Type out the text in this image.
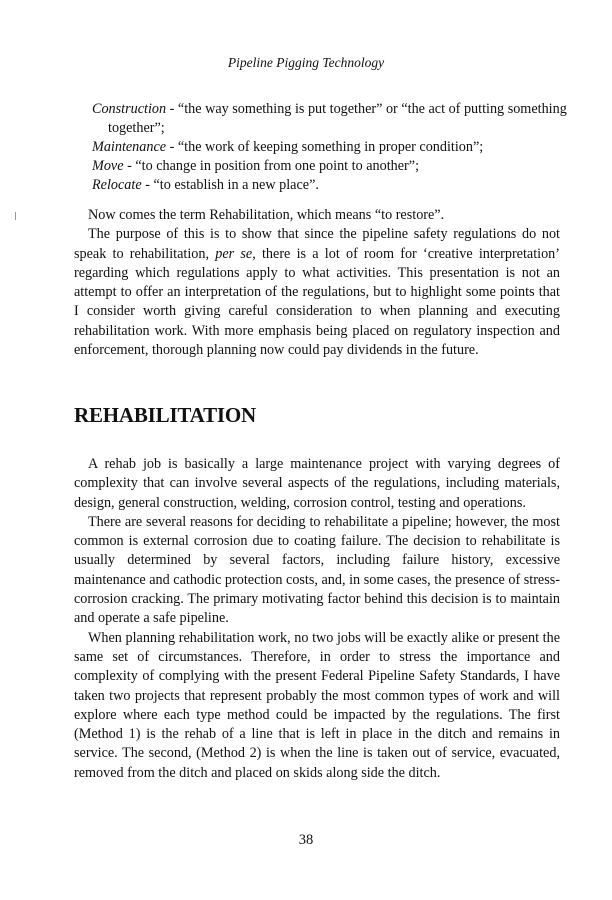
Pipeline Pigging Technology

Construction - “the way something is put together” or “the act of putting something together”;

Maintenance - “the work of keeping something in proper condition”;

Move - “to change in position from one point to another”;

Relocate - “to establish in a new place”.

Now comes the term Rehabilitation, which means “to restore”.

The purpose of this is to show that since the pipeline safety regulations do not speak to rehabilitation, per se, there is a lot of room for ‘creative interpretation’ regarding which regulations apply to what activities. This presentation is not an attempt to offer an interpretation of the regulations, but to highlight some points that I consider worth giving careful consideration to when planning and executing rehabilitation work. With more emphasis being placed on regulatory inspection and enforcement, thorough planning now could pay dividends in the future.

REHABILITATION

A rehab job is basically a large maintenance project with varying degrees of complexity that can involve several aspects of the regulations, including materials, design, general construction, welding, corrosion control, testing and operations.

There are several reasons for deciding to rehabilitate a pipeline; however, the most common is external corrosion due to coating failure. The decision to rehabilitate is usually determined by several factors, including failure history, excessive maintenance and cathodic protection costs, and, in some cases, the presence of stress-corrosion cracking. The primary motivating factor behind this decision is to maintain and operate a safe pipeline.

When planning rehabilitation work, no two jobs will be exactly alike or present the same set of circumstances. Therefore, in order to stress the importance and complexity of complying with the present Federal Pipeline Safety Standards, I have taken two projects that represent probably the most common types of work and will explore where each type method could be impacted by the regulations. The first (Method 1) is the rehab of a line that is left in place in the ditch and remains in service. The second, (Method 2) is when the line is taken out of service, evacuated, removed from the ditch and placed on skids along side the ditch.

38
